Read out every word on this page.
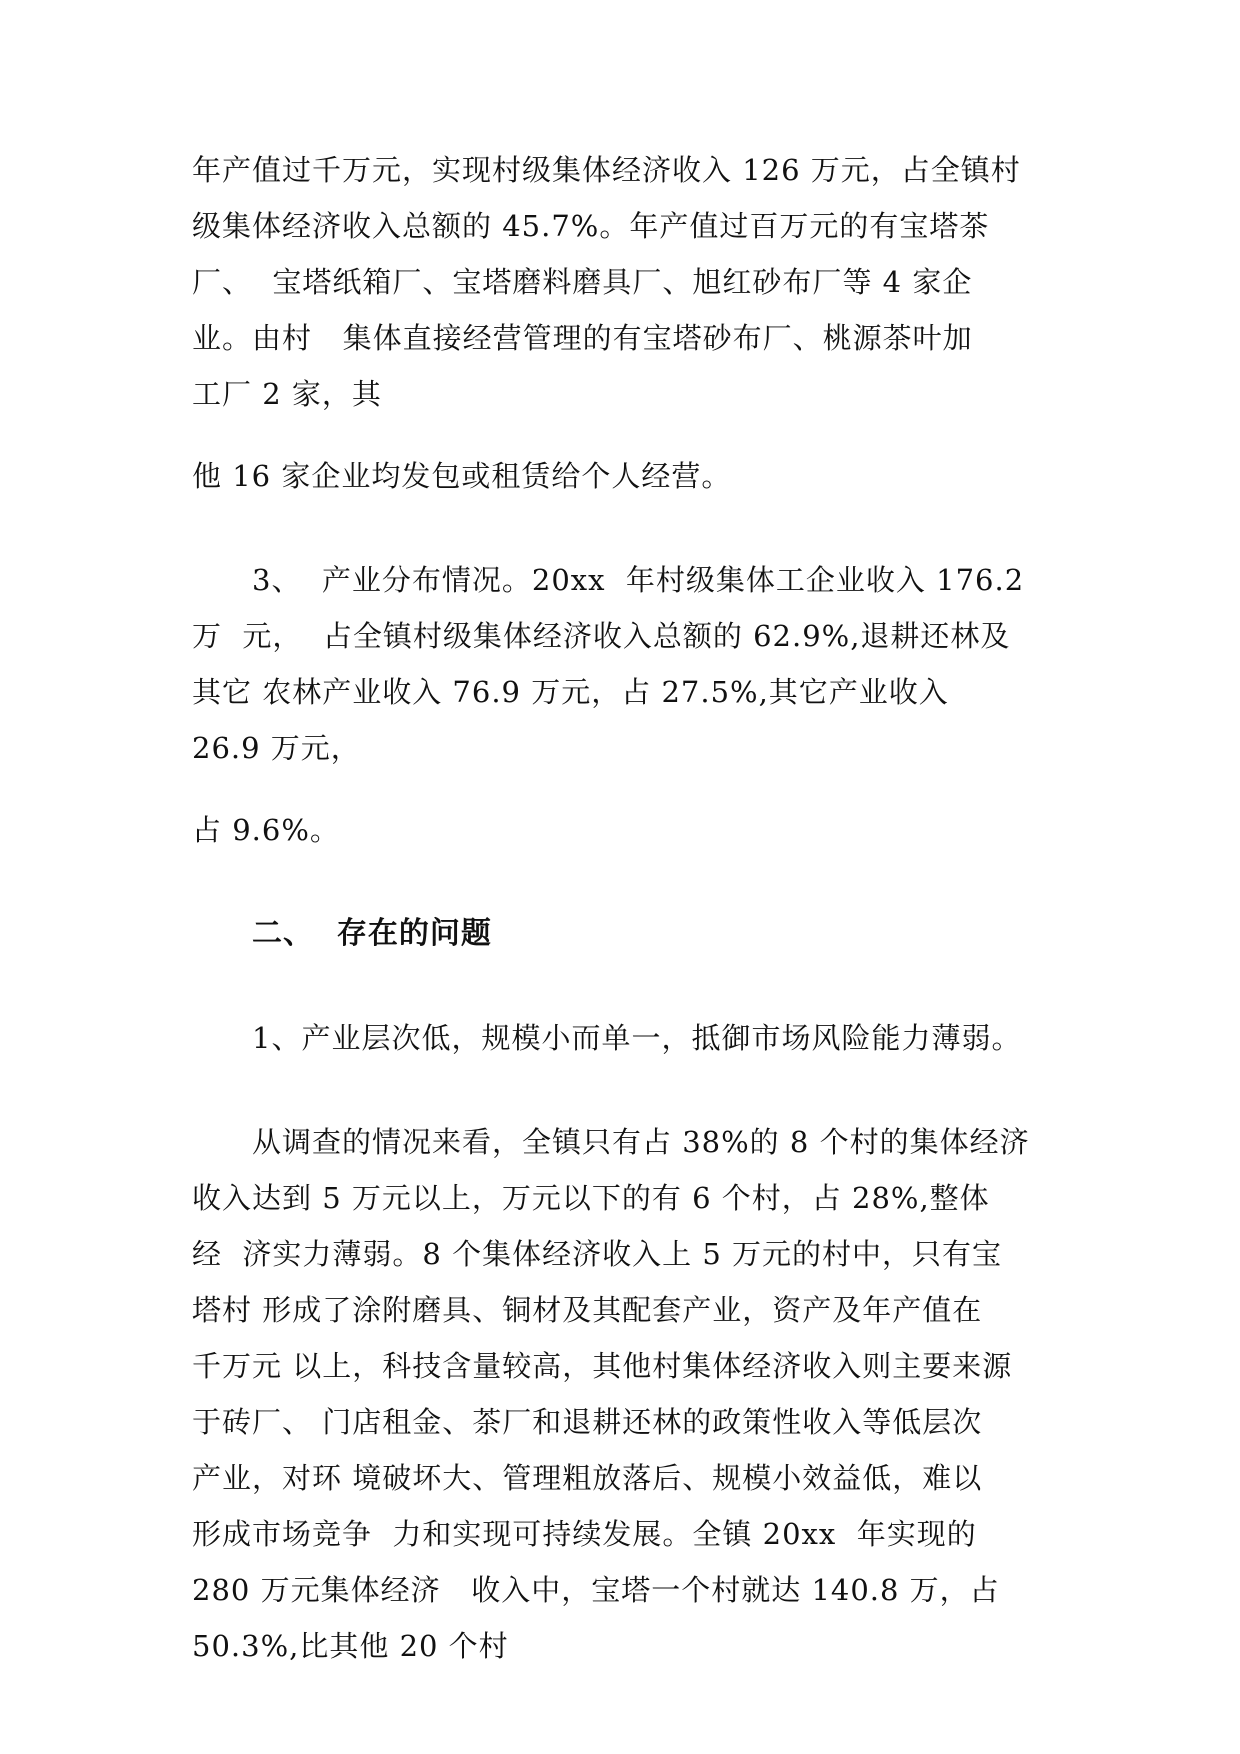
年产值过千万元，实现村级集体经济收入 126 万元，占全镇村
级集体经济收入总额的 45.7%。年产值过百万元的有宝塔茶
厂、  宝塔纸箱厂、宝塔磨料磨具厂、旭红砂布厂等 4 家企
业。由村   集体直接经营管理的有宝塔砂布厂、桃源茶叶加
工厂 2 家，其
他 16 家企业均发包或租赁给个人经营。
3、  产业分布情况。20xx  年村级集体工企业收入 176.2
万  元，  占全镇村级集体经济收入总额的 62.9%,退耕还林及
其它 农林产业收入 76.9 万元，占 27.5%,其它产业收入
26.9 万元，
占 9.6%。
二、  存在的问题
1、产业层次低，规模小而单一，抵御市场风险能力薄弱。
从调查的情况来看，全镇只有占 38%的 8 个村的集体经济
收入达到 5 万元以上，万元以下的有 6 个村，占 28%,整体
经  济实力薄弱。8 个集体经济收入上 5 万元的村中，只有宝
塔村 形成了涂附磨具、铜材及其配套产业，资产及年产值在
千万元 以上，科技含量较高，其他村集体经济收入则主要来源
于砖厂、 门店租金、茶厂和退耕还林的政策性收入等低层次
产业，对环 境破坏大、管理粗放落后、规模小效益低，难以
形成市场竞争  力和实现可持续发展。全镇 20xx  年实现的
280 万元集体经济   收入中，宝塔一个村就达 140.8 万，占
50.3%,比其他 20 个村
